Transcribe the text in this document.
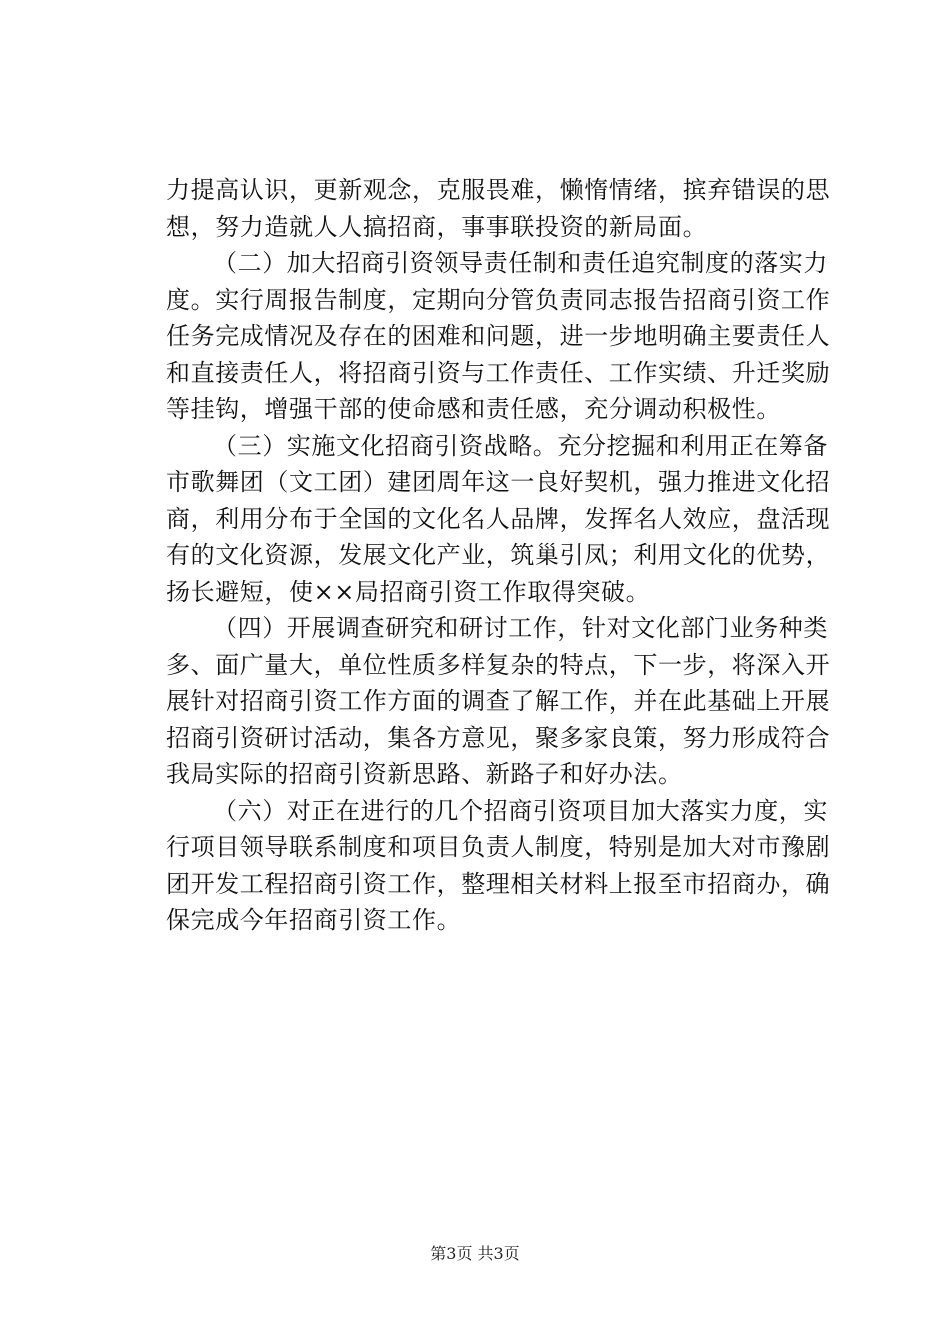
力提高认识，更新观念，克服畏难，懒惰情绪，摈弃错误的思
想，努力造就人人搞招商，事事联投资的新局面。
（二）加大招商引资领导责任制和责任追究制度的落实力
度。实行周报告制度，定期向分管负责同志报告招商引资工作
任务完成情况及存在的困难和问题，进一步地明确主要责任人
和直接责任人，将招商引资与工作责任、工作实绩、升迁奖励
等挂钩，增强干部的使命感和责任感，充分调动积极性。
（三）实施文化招商引资战略。充分挖掘和利用正在筹备
市歌舞团（文工团）建团周年这一良好契机，强力推进文化招
商，利用分布于全国的文化名人品牌，发挥名人效应，盘活现
有的文化资源，发展文化产业，筑巢引凤；利用文化的优势，
扬长避短，使××局招商引资工作取得突破。
（四）开展调查研究和研讨工作，针对文化部门业务种类
多、面广量大，单位性质多样复杂的特点，下一步，将深入开
展针对招商引资工作方面的调查了解工作，并在此基础上开展
招商引资研讨活动，集各方意见，聚多家良策，努力形成符合
我局实际的招商引资新思路、新路子和好办法。
（六）对正在进行的几个招商引资项目加大落实力度，实
行项目领导联系制度和项目负责人制度，特别是加大对市豫剧
团开发工程招商引资工作，整理相关材料上报至市招商办，确
保完成今年招商引资工作。
第3页 共3页
